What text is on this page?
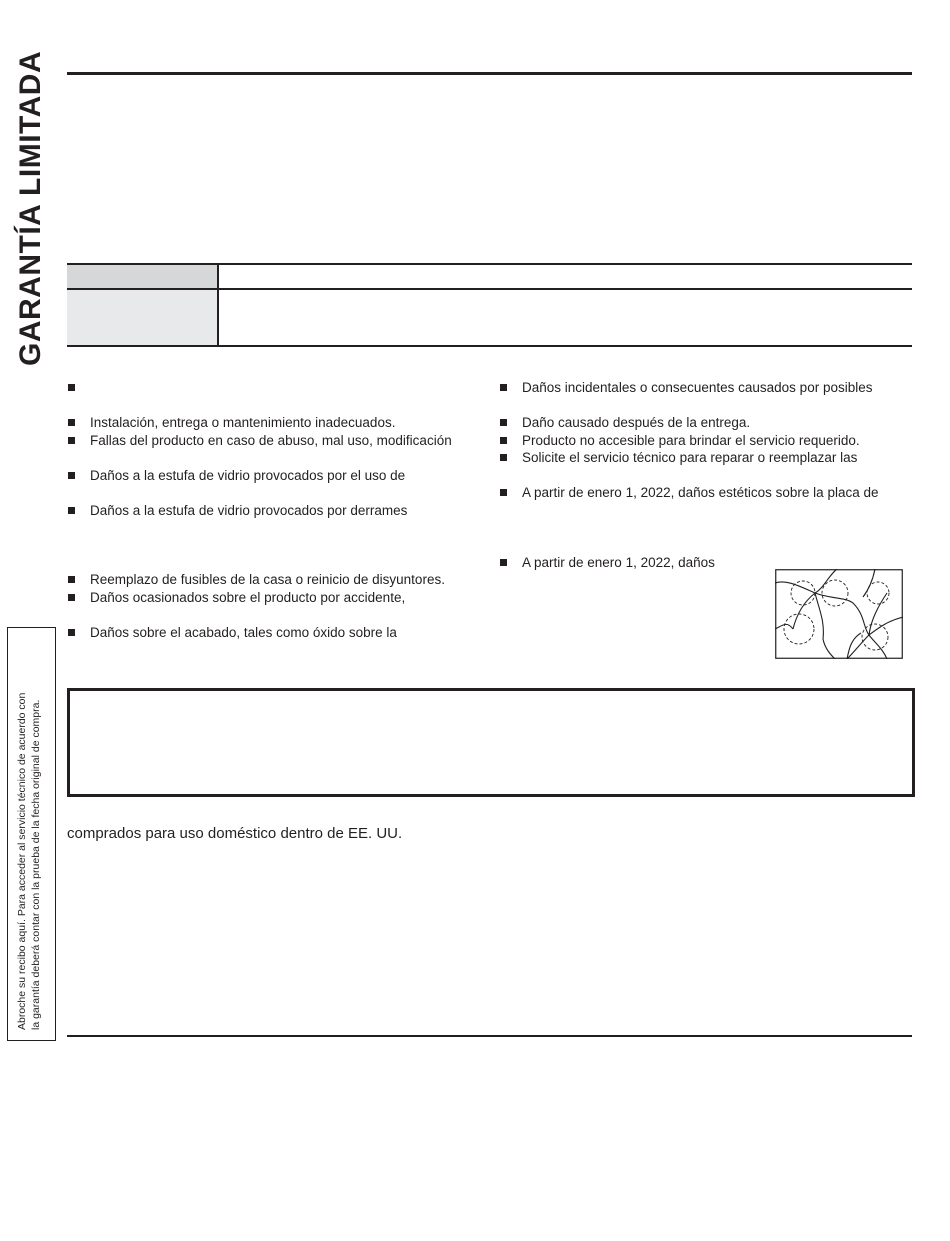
GARANTÍA LIMITADA
Instalación, entrega o mantenimiento inadecuados.
Fallas del producto en caso de abuso, mal uso, modificación
Daños a la estufa de vidrio provocados por el uso de
Daños a la estufa de vidrio provocados por derrames
Reemplazo de fusibles de la casa o reinicio de disyuntores.
Daños ocasionados sobre el producto por accidente,
Daños sobre el acabado, tales como óxido sobre la
Daños incidentales o consecuentes causados por posibles
Daño causado después de la entrega.
Producto no accesible para brindar el servicio requerido.
Solicite el servicio técnico para reparar o reemplazar las
A partir de enero 1, 2022, daños estéticos sobre la placa de
A partir de enero 1, 2022, daños
comprados para uso doméstico dentro de EE. UU.
Abroche su recibo aquí. Para acceder al servicio técnico de acuerdo con la garantía deberá contar con la prueba de la fecha original de compra.
